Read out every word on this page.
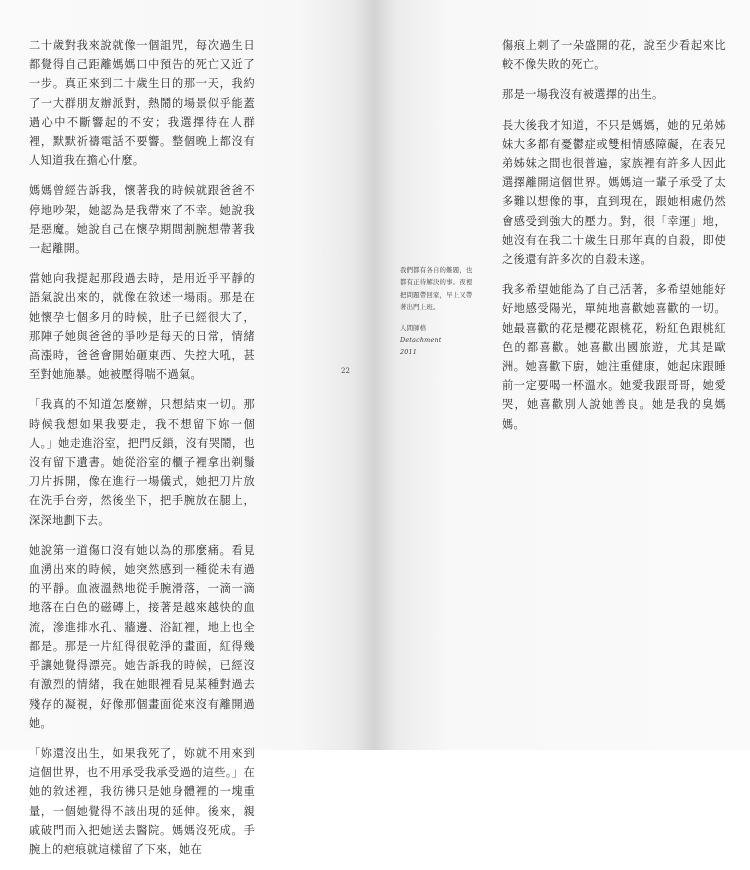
二十歲對我來說就像一個詛咒，每次過生日都覺得自己距離媽媽口中預告的死亡又近了一步。真正來到二十歲生日的那一天，我約了一大群朋友辦派對，熱鬧的場景似乎能蓋過心中不斷響起的不安；我選擇待在人群裡，默默祈禱電話不要響。整個晚上都沒有人知道我在擔心什麼。

媽媽曾經告訴我，懷著我的時候就跟爸爸不停地吵架，她認為是我帶來了不幸。她說我是惡魔。她說自己在懷孕期間割腕想帶著我一起離開。

當她向我提起那段過去時，是用近乎平靜的語氣說出來的，就像在敘述一場雨。那是在她懷孕七個多月的時候，肚子已經很大了，那陣子她與爸爸的爭吵是每天的日常，情緒高漲時，爸爸會開始砸東西、失控大吼，甚至對她施暴。她被壓得喘不過氣。

「我真的不知道怎麼辦，只想結束一切。那時候我想如果我要走，我不想留下妳一個人。」她走進浴室，把門反鎖，沒有哭鬧，也沒有留下遺書。她從浴室的櫃子裡拿出剃鬚刀片拆開，像在進行一場儀式，她把刀片放在洗手台旁，然後坐下，把手腕放在腿上，深深地劃下去。

她說第一道傷口沒有她以為的那麼痛。看見血湧出來的時候，她突然感到一種從未有過的平靜。血液溫熱地從手腕滑落，一滴一滴地落在白色的磁磚上，接著是越來越快的血流，滲進排水孔、牆邊、浴缸裡，地上也全都是。那是一片紅得很乾淨的畫面，紅得幾乎讓她覺得漂亮。她告訴我的時候，已經沒有激烈的情緒，我在她眼裡看見某種對過去殘存的凝視，好像那個畫面從來沒有離開過她。

「妳還沒出生，如果我死了，妳就不用來到這個世界，也不用承受我承受過的這些。」在她的敘述裡，我彷彿只是她身體裡的一塊重量，一個她覺得不該出現的延伸。後來，親戚破門而入把她送去醫院。媽媽沒死成。手腕上的疤痕就這樣留了下來，她在

22

我們都有各自的難題，也都有正待解決的事。夜裡把問題帶回家，早上又帶著出門上班。

人間師格

Detachment

2011

傷痕上刺了一朵盛開的花，說至少看起來比較不像失敗的死亡。

那是一場我沒有被選擇的出生。

長大後我才知道，不只是媽媽，她的兄弟姊妹大多都有憂鬱症或雙相情感障礙，在表兄弟姊妹之間也很普遍，家族裡有許多人因此選擇離開這個世界。媽媽這一輩子承受了太多難以想像的事，直到現在，跟她相處仍然會感受到強大的壓力。對，很「幸運」地，她沒有在我二十歲生日那年真的自殺，即使之後還有許多次的自殺未遂。

我多希望她能為了自己活著，多希望她能好好地感受陽光，單純地喜歡她喜歡的一切。她最喜歡的花是櫻花跟桃花，粉紅色跟桃紅色的都喜歡。她喜歡出國旅遊，尤其是歐洲。她喜歡下廚，她注重健康，她起床跟睡前一定要喝一杯溫水。她愛我跟哥哥，她愛哭，她喜歡別人說她善良。她是我的臭媽媽。
